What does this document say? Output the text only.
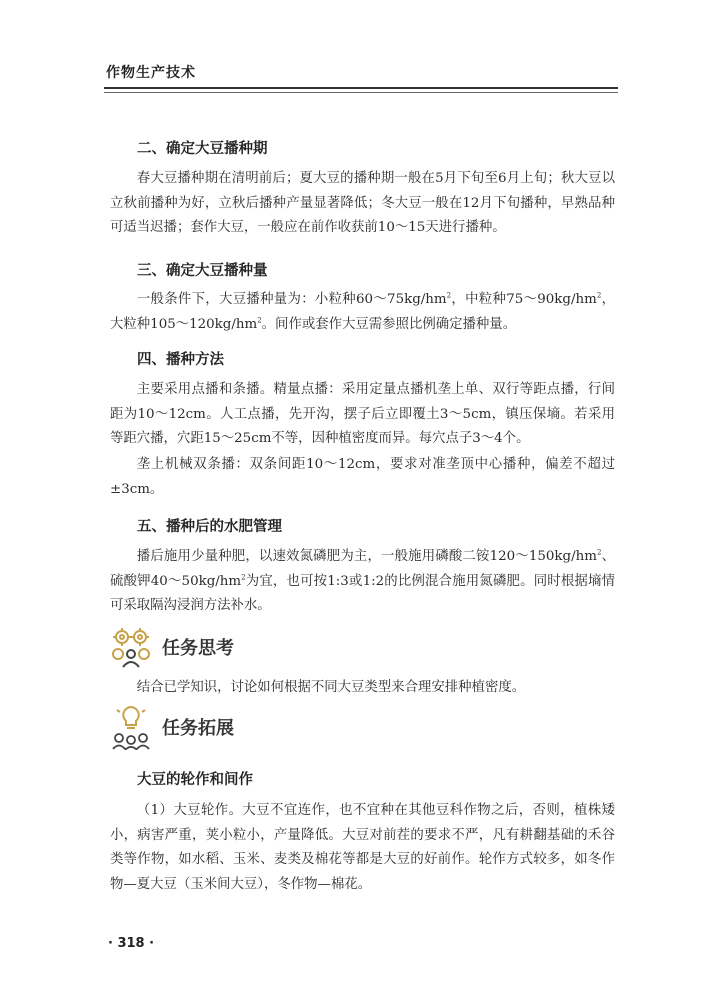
作物生产技术
二、确定大豆播种期

春大豆播种期在清明前后；夏大豆的播种期一般在5月下旬至6月上旬；秋大豆以立秋前播种为好，立秋后播种产量显著降低；冬大豆一般在12月下旬播种，早熟品种可适当迟播；套作大豆，一般应在前作收获前10～15天进行播种。

三、确定大豆播种量

一般条件下，大豆播种量为：小粒种$60\sim 75kg/hm^2$，中粒种$75\sim 90kg/hm^2$，大粒种$105\sim 120kg/hm^2$。间作或套作大豆需参照比例确定播种量。

四、播种方法

主要采用点播和条播。精量点播：采用定量点播机垄上单、双行等距点播，行间距为10～12cm。人工点播，先开沟，摆子后立即覆土3～5cm，镇压保墒。若采用等距穴播，穴距15～25cm不等，因种植密度而异。每穴点子3～4个。

垄上机械双条播：双条间距10～12cm，要求对准垄顶中心播种，偏差不超过 ±3cm。

五、播种后的水肥管理

播后施用少量种肥，以速效氮磷肥为主，一般施用磷酸二铵$120\sim 150kg/hm^2$、硫酸钾$40\sim 50kg/hm^2$为宜，也可按1:3或1:2的比例混合施用氮磷肥。同时根据墒情可采取隔沟浸润方法补水。

任务思考

结合已学知识，讨论如何根据不同大豆类型来合理安排种植密度。

任务拓展
大豆的轮作和间作

（1）大豆轮作。大豆不宜连作，也不宜种在其他豆科作物之后，否则，植株矮小，病害严重，荚小粒小，产量降低。大豆对前茬的要求不严，凡有耕翻基础的禾谷类等作物，如水稻、玉米、麦类及棉花等都是大豆的好前作。轮作方式较多，如冬作物—夏大豆（玉米间大豆），冬作物—棉花。

· 318 ·
